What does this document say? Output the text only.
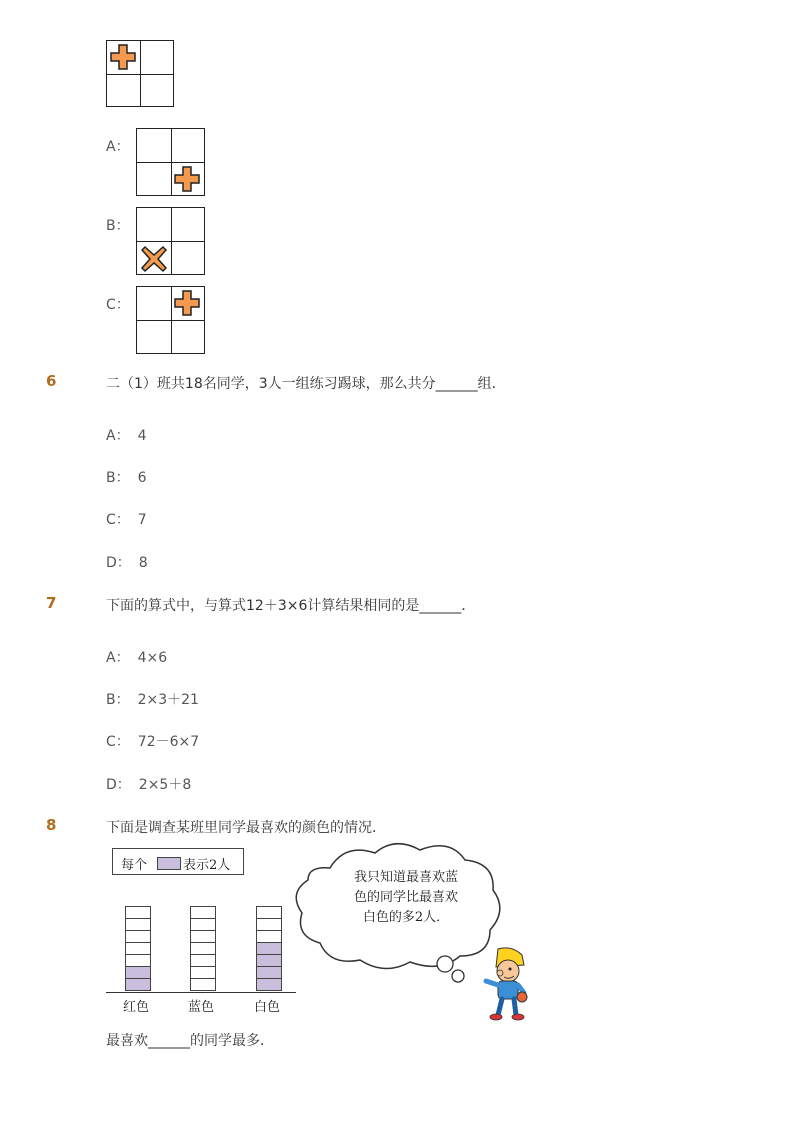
A：
B：
C：
6	二（1）班共18名同学，3人一组练习踢球，那么共分______组．
A： 4
B： 6
C： 7
D： 8
7	下面的算式中，与算式12＋3×6计算结果相同的是______．
A： 4×6
B： 2×3＋21
C： 72－6×7
D： 2×5＋8
8	下面是调查某班里同学最喜欢的颜色的情况．
每个	表示2人
红色	蓝色	白色
我只知道最喜欢蓝
色的同学比最喜欢
白色的多2人．
最喜欢______的同学最多．
